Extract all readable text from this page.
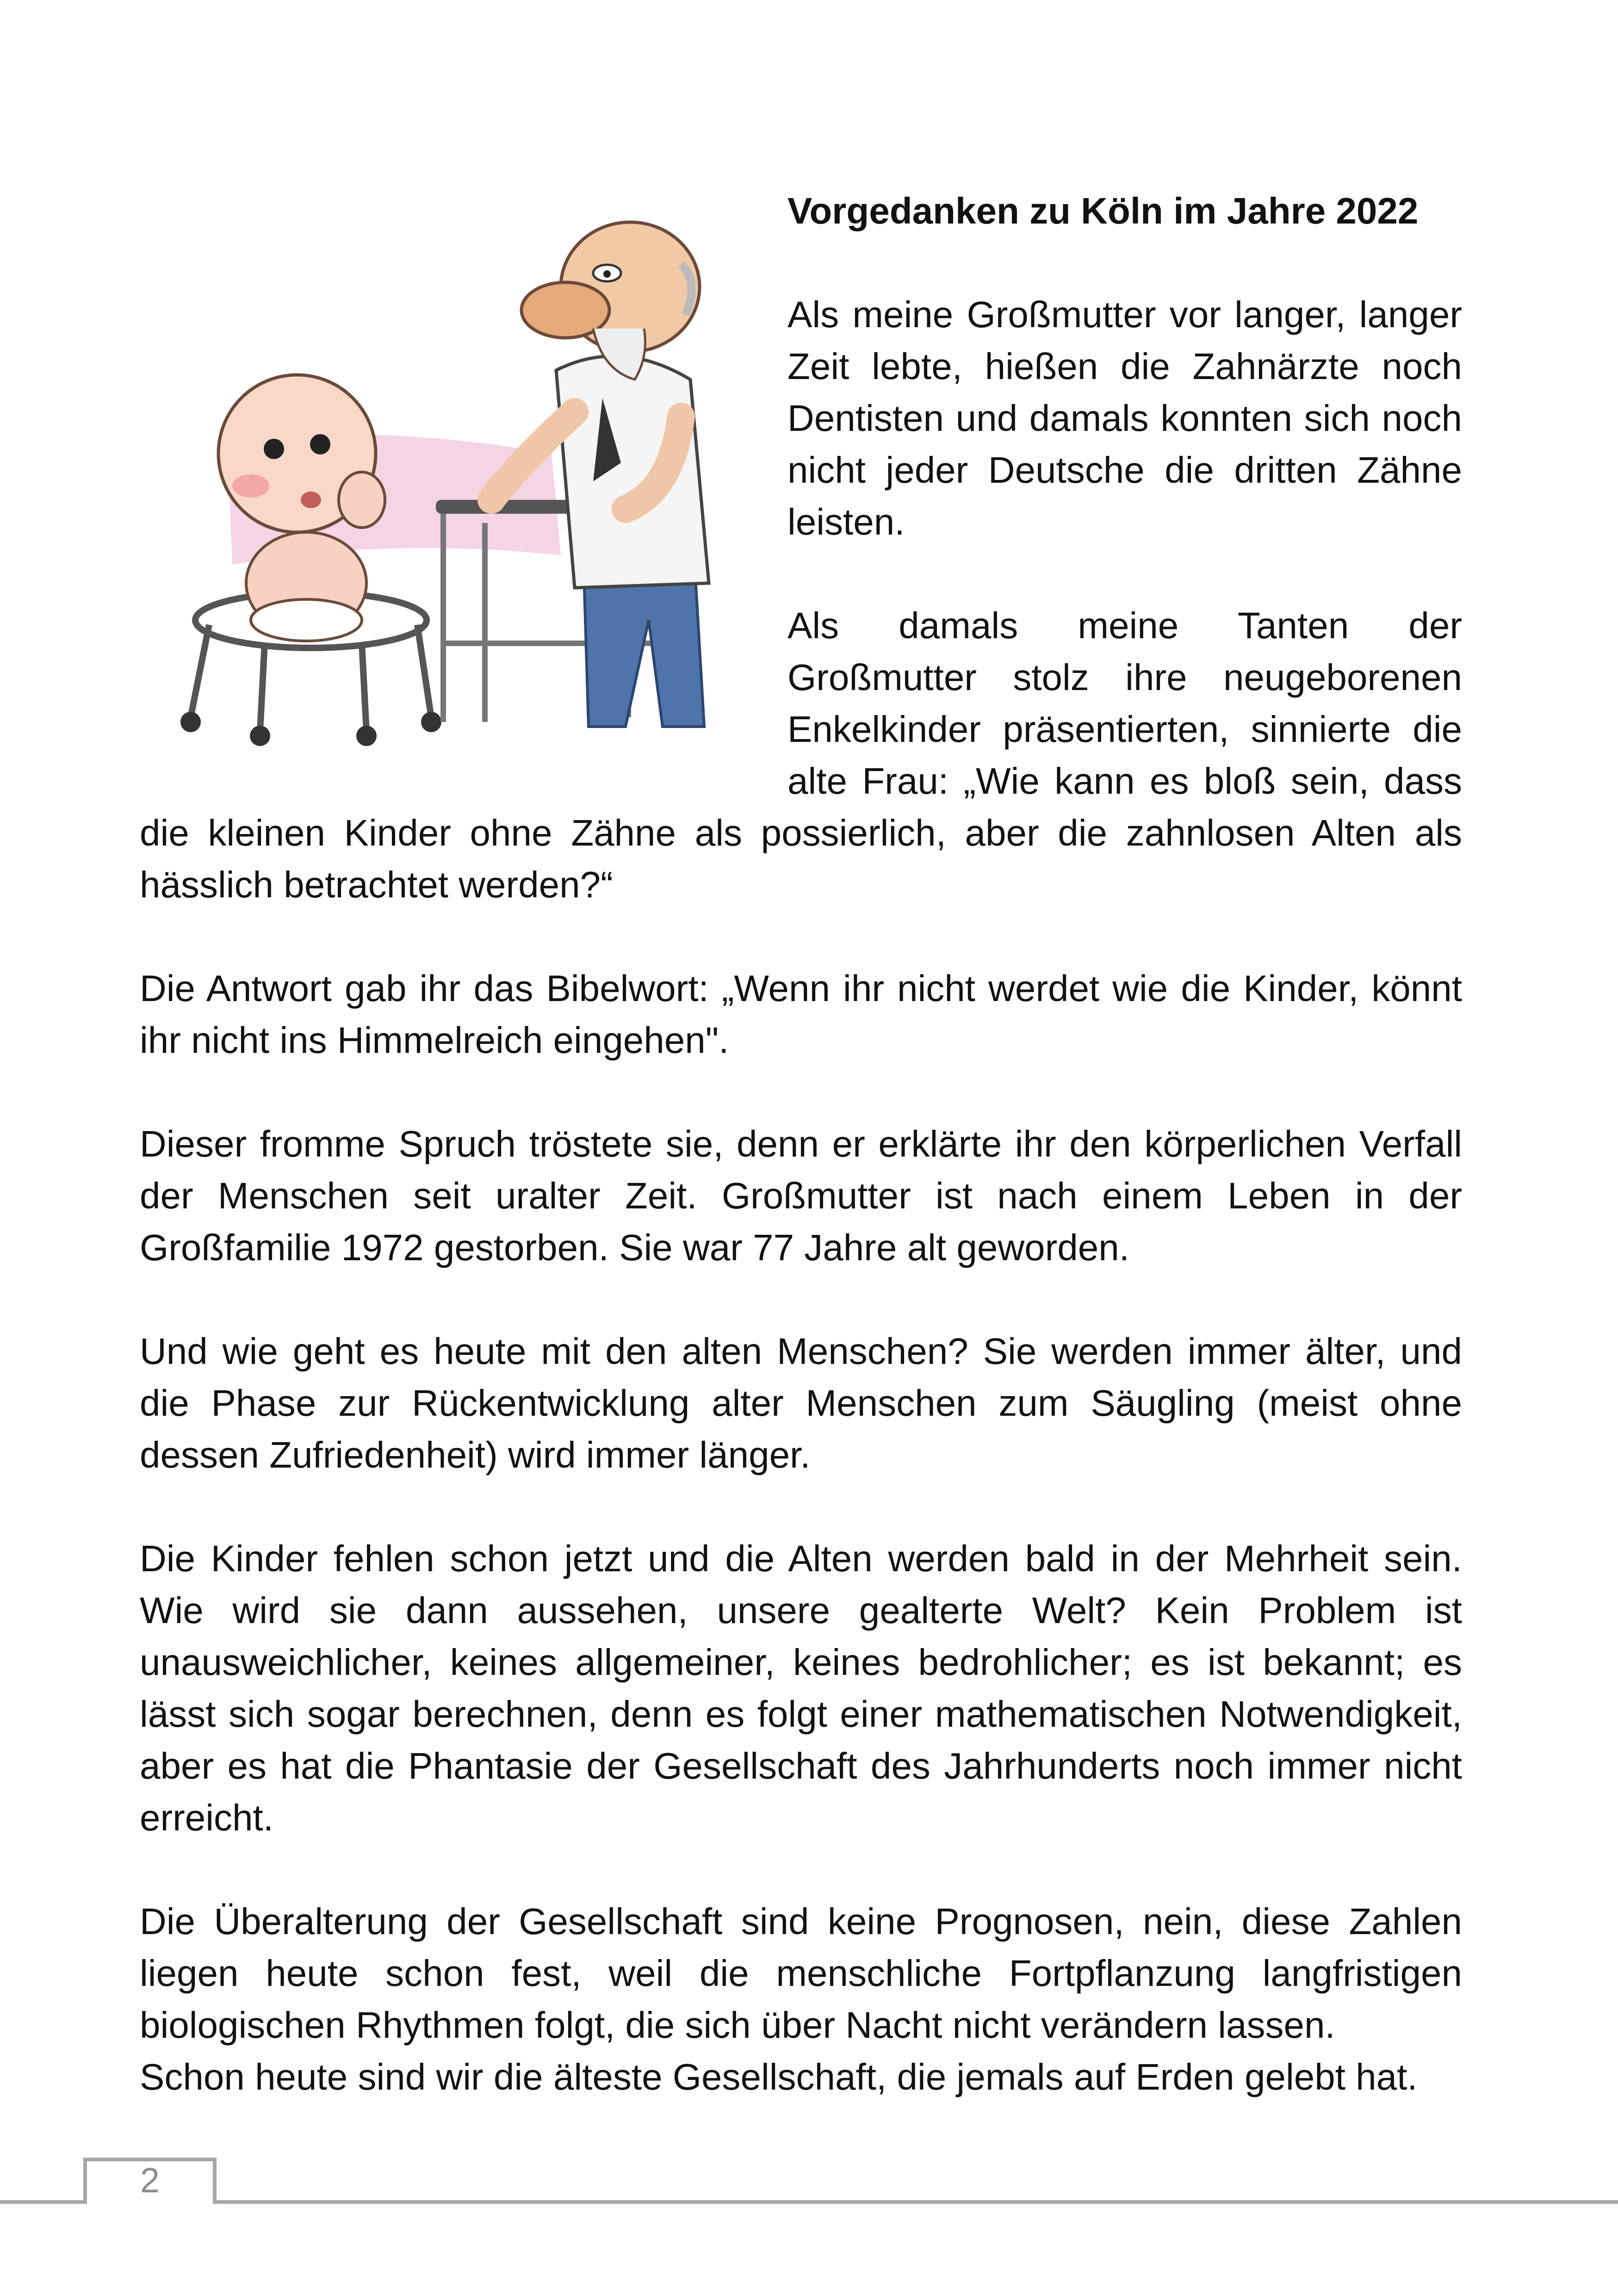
Vorgedanken zu Köln im Jahre 2022

Als meine Großmutter vor langer, langer Zeit lebte, hießen die Zahnärzte noch Dentisten und damals konnten sich noch nicht jeder Deutsche die dritten Zähne leisten.

Als damals meine Tanten der Großmutter stolz ihre neugeborenen Enkelkinder präsentierten, sinnierte die alte Frau: „Wie kann es bloß sein, dass die kleinen Kinder ohne Zähne als possierlich, aber die zahnlosen Alten als hässlich betrachtet werden?“

Die Antwort gab ihr das Bibelwort: „Wenn ihr nicht werdet wie die Kinder, könnt ihr nicht ins Himmelreich eingehen".

Dieser fromme Spruch tröstete sie, denn er erklärte ihr den körperlichen Verfall der Menschen seit uralter Zeit. Großmutter ist nach einem Leben in der Großfamilie 1972 gestorben. Sie war 77 Jahre alt geworden.

Und wie geht es heute mit den alten Menschen? Sie werden immer älter, und die Phase zur Rückentwicklung alter Menschen zum Säugling (meist ohne dessen Zufriedenheit) wird immer länger.

Die Kinder fehlen schon jetzt und die Alten werden bald in der Mehrheit sein. Wie wird sie dann aussehen, unsere gealterte Welt? Kein Problem ist unausweichlicher, keines allgemeiner, keines bedrohlicher; es ist bekannt; es lässt sich sogar berechnen, denn es folgt einer mathematischen Notwendigkeit, aber es hat die Phantasie der Gesellschaft des Jahrhunderts noch immer nicht erreicht.

Die Überalterung der Gesellschaft sind keine Prognosen, nein, diese Zahlen liegen heute schon fest, weil die menschliche Fortpflanzung langfristigen biologischen Rhythmen folgt, die sich über Nacht nicht verändern lassen.

Schon heute sind wir die älteste Gesellschaft, die jemals auf Erden gelebt hat.

2
